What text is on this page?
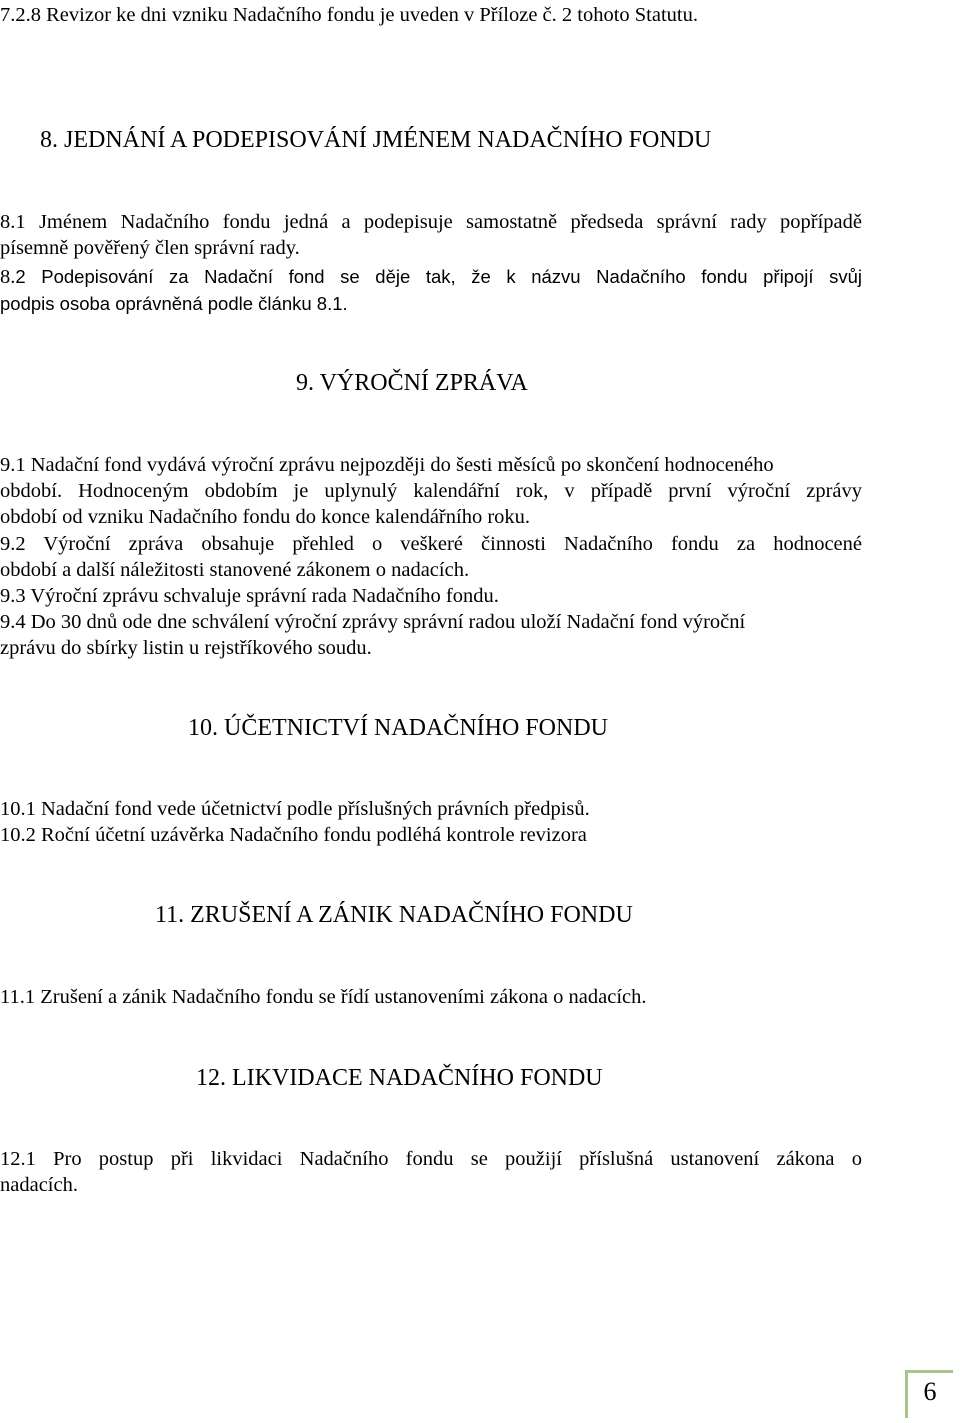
7.2.8 Revizor ke dni vzniku Nadačního fondu je uveden v Příloze č. 2 tohoto Statutu.
8. JEDNÁNÍ A PODEPISOVÁNÍ JMÉNEM NADAČNÍHO FONDU
8.1 Jménem Nadačního fondu jedná a podepisuje samostatně předseda správní rady popřípadě
písemně pověřený člen správní rady.
8.2 Podepisování za Nadační fond se děje tak, že k názvu Nadačního fondu připojí svůj
podpis osoba oprávněná podle článku 8.1.
9. VÝROČNÍ ZPRÁVA
9.1 Nadační fond vydává výroční zprávu nejpozději do šesti měsíců po skončení hodnoceného
období. Hodnoceným obdobím je uplynulý kalendářní rok, v případě první výroční zprávy
období od vzniku Nadačního fondu do konce kalendářního roku.
9.2 Výroční zpráva obsahuje přehled o veškeré činnosti Nadačního fondu za hodnocené
období a další náležitosti stanovené zákonem o nadacích.
9.3 Výroční zprávu schvaluje správní rada Nadačního fondu.
9.4 Do 30 dnů ode dne schválení výroční zprávy správní radou uloží Nadační fond výroční
zprávu do sbírky listin u rejstříkového soudu.
10. ÚČETNICTVÍ NADAČNÍHO FONDU
10.1 Nadační fond vede účetnictví podle příslušných právních předpisů.
10.2 Roční účetní uzávěrka Nadačního fondu podléhá kontrole revizora
11. ZRUŠENÍ A ZÁNIK NADAČNÍHO FONDU
11.1 Zrušení a zánik Nadačního fondu se řídí ustanoveními zákona o nadacích.
12. LIKVIDACE NADAČNÍHO FONDU
12.1 Pro postup při likvidaci Nadačního fondu se použijí příslušná ustanovení zákona o
nadacích.
6
